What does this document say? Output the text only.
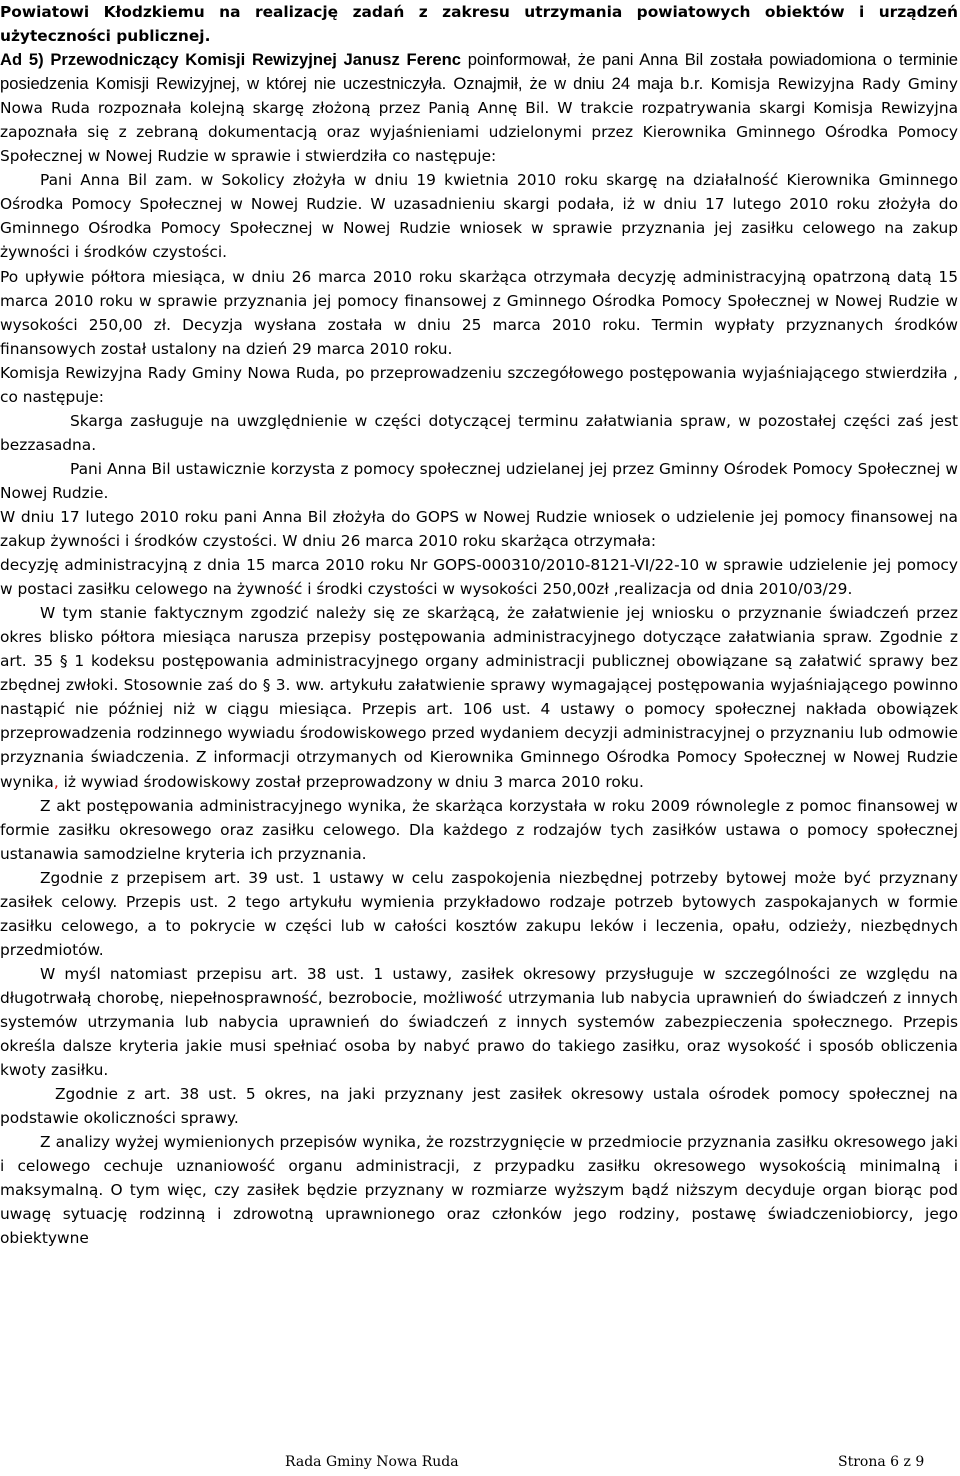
Powiatowi Kłodzkiemu na realizację zadań z zakresu utrzymania powiatowych obiektów i urządzeń użyteczności publicznej.

Ad 5) Przewodniczący Komisji Rewizyjnej Janusz Ferenc poinformował, że pani Anna Bil została powiadomiona o terminie posiedzenia Komisji Rewizyjnej, w której nie uczestniczyła. Oznajmił, że w dniu 24 maja b.r. Komisja Rewizyjna Rady Gminy Nowa Ruda rozpoznała kolejną skargę złożoną przez Panią Annę Bil. W trakcie rozpatrywania skargi Komisja Rewizyjna zapoznała się z zebraną dokumentacją oraz wyjaśnieniami udzielonymi przez Kierownika Gminnego Ośrodka Pomocy Społecznej w Nowej Rudzie w sprawie i stwierdziła co następuje:

Pani Anna Bil zam. w Sokolicy złożyła w dniu 19 kwietnia 2010 roku skargę na działalność Kierownika Gminnego Ośrodka Pomocy Społecznej w Nowej Rudzie. W uzasadnieniu skargi podała, iż w dniu 17 lutego 2010 roku złożyła do Gminnego Ośrodka Pomocy Społecznej w Nowej Rudzie wniosek w sprawie przyznania jej zasiłku celowego na zakup żywności i środków czystości.

Po upływie półtora miesiąca, w dniu 26 marca 2010 roku skarżąca otrzymała decyzję administracyjną opatrzoną datą 15 marca 2010 roku w sprawie przyznania jej pomocy finansowej z Gminnego Ośrodka Pomocy Społecznej w Nowej Rudzie w wysokości 250,00 zł. Decyzja wysłana została w dniu 25 marca 2010 roku. Termin wypłaty przyznanych środków finansowych został ustalony na dzień 29 marca 2010 roku.

Komisja Rewizyjna Rady Gminy Nowa Ruda, po przeprowadzeniu szczegółowego postępowania wyjaśniającego stwierdziła , co następuje:

Skarga zasługuje na uwzględnienie w części dotyczącej terminu załatwiania spraw, w pozostałej części zaś jest bezzasadna.

Pani Anna Bil ustawicznie korzysta z pomocy społecznej udzielanej jej przez Gminny Ośrodek Pomocy Społecznej w Nowej Rudzie.

W dniu 17 lutego 2010 roku pani Anna Bil złożyła do GOPS w Nowej Rudzie wniosek o udzielenie jej pomocy finansowej na zakup żywności i środków czystości. W dniu 26 marca 2010 roku skarżąca otrzymała:

decyzję administracyjną z dnia 15 marca 2010 roku Nr GOPS-000310/2010-8121-VI/22-10 w sprawie udzielenie jej pomocy w postaci zasiłku celowego na żywność i środki czystości w wysokości 250,00zł ,realizacja od dnia 2010/03/29.

W tym stanie faktycznym zgodzić należy się ze skarżącą, że załatwienie jej wniosku o przyznanie świadczeń przez okres blisko półtora miesiąca narusza przepisy postępowania administracyjnego dotyczące załatwiania spraw. Zgodnie z art. 35 § 1 kodeksu postępowania administracyjnego organy administracji publicznej obowiązane są załatwić sprawy bez zbędnej zwłoki. Stosownie zaś do § 3. ww. artykułu załatwienie sprawy wymagającej postępowania wyjaśniającego powinno nastąpić nie później niż w ciągu miesiąca. Przepis art. 106 ust. 4 ustawy o pomocy społecznej nakłada obowiązek przeprowadzenia rodzinnego wywiadu środowiskowego przed wydaniem decyzji administracyjnej o przyznaniu lub odmowie przyznania świadczenia. Z informacji otrzymanych od Kierownika Gminnego Ośrodka Pomocy Społecznej w Nowej Rudzie wynika, iż wywiad środowiskowy został przeprowadzony w dniu 3 marca 2010 roku.

Z akt postępowania administracyjnego wynika, że skarżąca korzystała w roku 2009 równolegle z pomoc finansowej w formie zasiłku okresowego oraz zasiłku celowego. Dla każdego z rodzajów tych zasiłków ustawa o pomocy społecznej ustanawia samodzielne kryteria ich przyznania.

Zgodnie z przepisem art. 39 ust. 1 ustawy w celu zaspokojenia niezbędnej potrzeby bytowej może być przyznany zasiłek celowy. Przepis ust. 2 tego artykułu wymienia przykładowo rodzaje potrzeb bytowych zaspokajanych w formie zasiłku celowego, a to pokrycie w części lub w całości kosztów zakupu leków i leczenia, opału, odzieży, niezbędnych przedmiotów.

W myśl natomiast przepisu art. 38 ust. 1 ustawy, zasiłek okresowy przysługuje w szczególności ze względu na długotrwałą chorobę, niepełnosprawność, bezrobocie, możliwość utrzymania lub nabycia uprawnień do świadczeń z innych systemów utrzymania lub nabycia uprawnień do świadczeń z innych systemów zabezpieczenia społecznego. Przepis określa dalsze kryteria jakie musi spełniać osoba by nabyć prawo do takiego zasiłku, oraz wysokość i sposób obliczenia kwoty zasiłku.

Zgodnie z art. 38 ust. 5 okres, na jaki przyznany jest zasiłek okresowy ustala ośrodek pomocy społecznej na podstawie okoliczności sprawy.

Z analizy wyżej wymienionych przepisów wynika, że rozstrzygnięcie w przedmiocie przyznania zasiłku okresowego jaki i celowego cechuje uznaniowość organu administracji, z przypadku zasiłku okresowego wysokością minimalną i maksymalną. O tym więc, czy zasiłek będzie przyznany w rozmiarze wyższym bądź niższym decyduje organ biorąc pod uwagę sytuację rodzinną i zdrowotną uprawnionego oraz członków jego rodziny, postawę świadczeniobiorcy, jego obiektywne

Rada Gminy Nowa Ruda	Strona 6 z 9
